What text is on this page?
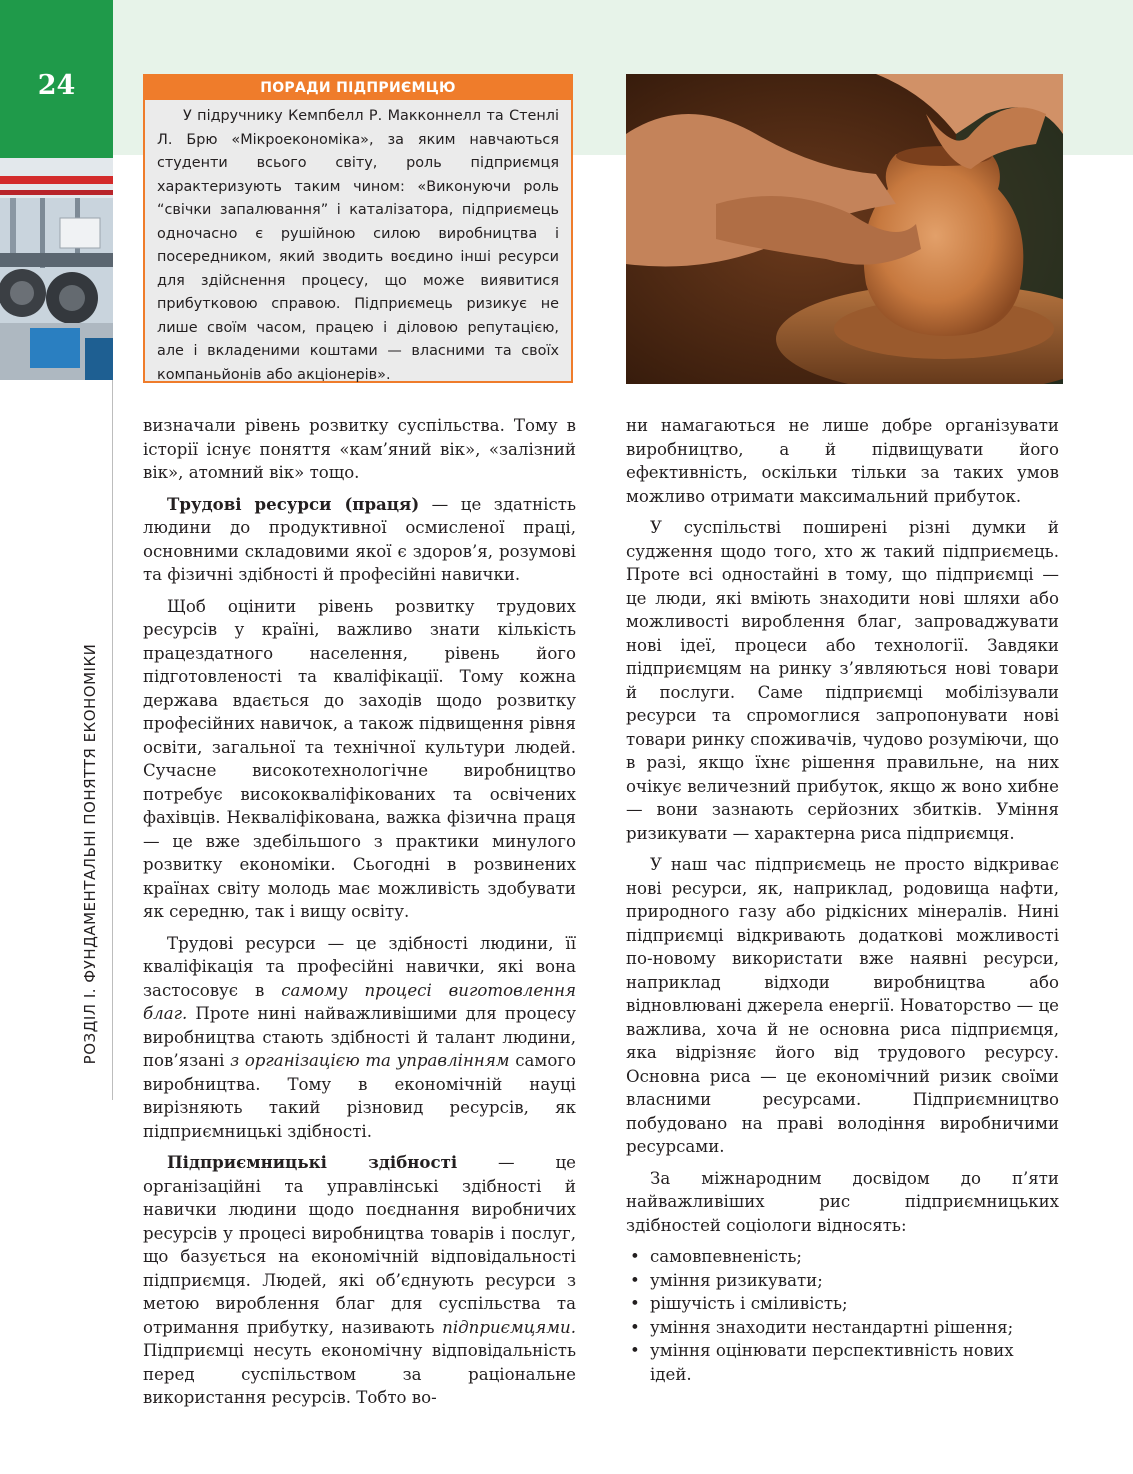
24
РОЗДІЛ І. ФУНДАМЕНТАЛЬНІ ПОНЯТТЯ ЕКОНОМІКИ
ПОРАДИ ПІДПРИЄМЦЮ

У підручнику Кемпбелл Р. Макконнелл та Стенлі Л. Брю «Мікроекономіка», за яким навчаються студенти всього світу, роль підприємця характеризують таким чином: «Виконуючи роль “свічки запалювання” і каталізатора, підприємець одночасно є рушійною силою виробництва і посередником, який зводить воєдино інші ресурси для здійснення процесу, що може виявитися прибутковою справою. Підприємець ризикує не лише своїм часом, працею і діловою репутацією, але і вкладеними коштами — власними та своїх компаньйонів або акціонерів».

визначали рівень розвитку суспільства. Тому в історії існує поняття «кам’яний вік», «залізний вік», атомний вік» тощо.

Трудові ресурси (праця) — це здатність людини до продуктивної осмисленої праці, основними складовими якої є здоров’я, розумові та фізичні здібності й професійні навички.

Щоб оцінити рівень розвитку трудових ресурсів у країні, важливо знати кількість працездатного населення, рівень його підготовленості та кваліфікації. Тому кожна держава вдається до заходів щодо розвитку професійних навичок, а також підвищення рівня освіти, загальної та технічної культури людей. Сучасне високотехнологічне виробництво потребує висококваліфікованих та освічених фахівців. Некваліфікована, важка фізична праця — це вже здебільшого з практики минулого розвитку економіки. Сьогодні в розвинених країнах світу молодь має можливість здобувати як середню, так і вищу освіту.

Трудові ресурси — це здібності людини, її кваліфікація та професійні навички, які вона застосовує в самому процесі виготовлення благ. Проте нині найважливішими для процесу виробництва стають здібності й талант людини, пов’язані з організацією та управлінням самого виробництва. Тому в економічній науці вирізняють такий різновид ресурсів, як підприємницькі здібності.

Підприємницькі здібності — це організаційні та управлінські здібності й навички людини щодо поєднання виробничих ресурсів у процесі виробництва товарів і послуг, що базується на економічній відповідальності підприємця. Людей, які об’єднують ресурси з метою вироблення благ для суспільства та отримання прибутку, називають підприємцями. Підприємці несуть економічну відповідальність перед суспільством за раціональне використання ресурсів. Тобто во-

ни намагаються не лише добре організувати виробництво, а й підвищувати його ефективність, оскільки тільки за таких умов можливо отримати максимальний прибуток.

У суспільстві поширені різні думки й судження щодо того, хто ж такий підприємець. Проте всі одностайні в тому, що підприємці — це люди, які вміють знаходити нові шляхи або можливості вироблення благ, запроваджувати нові ідеї, процеси або технології. Завдяки підприємцям на ринку з’являються нові товари й послуги. Саме підприємці мобілізували ресурси та спромоглися запропонувати нові товари ринку споживачів, чудово розуміючи, що в разі, якщо їхнє рішення правильне, на них очікує величезний прибуток, якщо ж воно хибне — вони зазнають серйозних збитків. Уміння ризикувати — характерна риса підприємця.

У наш час підприємець не просто відкриває нові ресурси, як, наприклад, родовища нафти, природного газу або рідкісних мінералів. Нині підприємці відкривають додаткові можливості по-новому використати вже наявні ресурси, наприклад відходи виробництва або відновлювані джерела енергії. Новаторство — це важлива, хоча й не основна риса підприємця, яка відрізняє його від трудового ресурсу. Основна риса — це економічний ризик своїми власними ресурсами. Підприємництво побудовано на праві володіння виробничими ресурсами.

За міжнародним досвідом до п’яти найважливіших рис підприємницьких здібностей соціологи відносять:

• самовпевненість;
• уміння ризикувати;
• рішучість і сміливість;
• уміння знаходити нестандартні рішення;
• уміння оцінювати перспективність нових ідей.
